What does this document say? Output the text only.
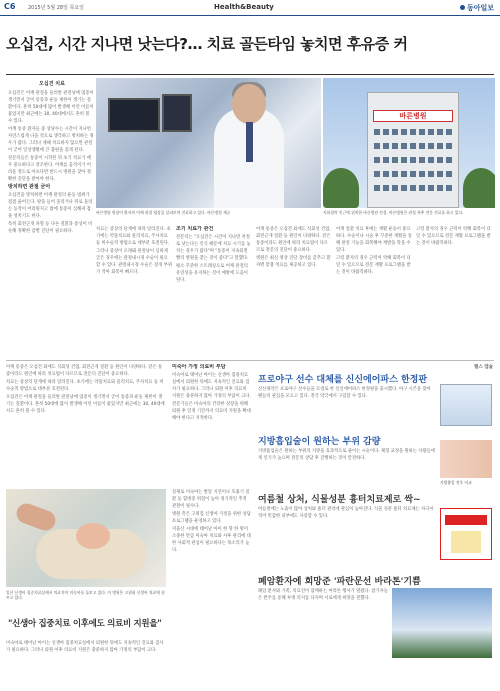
C6	2015년 5월 28일 목요일	Health&Beauty	동아일보
오십견, 시간 지나면 낫는다?… 치료 골든타임 놓치면 후유증 커
오십견 치료

오십견은 어깨 관절을 둘러싼 관절낭에 염증이 생기면서 굳어 통증과 운동 제한이 생기는 질환이다. 흔히 50대에 많이 발생해 이런 이름이 붙었지만 최근에는 30, 40대에서도 흔히 볼 수 있다.

어깨 통증 환자들 중 상당수는 시간이 지나면 자연스럽게 나을 것으로 생각하고 방치하는 경우가 많다. 그러나 제때 치료하지 않으면 관절이 굳어 일상생활에 큰 불편을 겪게 된다.

전문의들은 통증이 시작된 뒤 초기 치료가 매우 중요하다고 강조한다. 어깨를 움직이기 어려울 정도로 아프다면 반드시 병원을 찾아 정확한 진단을 받아야 한다.

방치하면 관절 굳어

오십견을 방치하면 어깨 관절의 운동 범위가 점점 줄어든다. 팔을 들어 올리거나 뒤로 돌리는 동작이 어려워지고 밤에 통증이 심해져 잠을 설치기도 한다.

특히 회전근개 파열 등 다른 질환과 증상이 비슷해 정확한 감별 진단이 필요하다.

바른병원
바른병원 원장이 환자의 어깨 관절 영상을 살펴보며 진료하고 있다. 바른병원 제공	지하철역 인근에 위치한 바른병원 전경. 바른병원은 관절 척추 전문 진료를 하고 있다.

치료는 증상의 단계에 따라 달라진다. 초기에는 약물치료와 물리치료, 주사치료 등 비수술적 방법으로 대부분 호전된다.

그러나 증상이 오래돼 관절낭이 심하게 굳은 경우에는 관절내시경 수술이 필요할 수 있다. 관절내시경 수술은 절개 부위가 작아 회복이 빠르다.

조기 치료가 관건

전문의는 "오십견은 시간이 지나면 저절로 낫는다는 인식 때문에 치료 시기를 놓치는 경우가 많다"며 "통증이 지속되면 빨리 병원을 찾는 것이 좋다"고 말했다.

평소 꾸준한 스트레칭으로 어깨 관절의 유연성을 유지하는 것이 예방에 도움이 된다.

어깨 통증은 오십견 외에도 석회성 건염, 회전근개 질환 등 원인이 다양하다. 같은 통증이라도 원인에 따라 치료법이 다르므로 전문의 진단이 중요하다.

병원은 최신 영상 진단 장비를 갖추고 환자별 맞춤 치료를 제공하고 있다.

어깨 질환 치료 후에는 재활 운동이 중요하다. 수술이나 시술 후 꾸준한 재활을 통해 관절 기능을 회복해야 재발을 막을 수 있다.

고령 환자의 경우 근력이 약해 회복이 더딜 수 있으므로 전문 재활 프로그램을 받는 것이 바람직하다.

고령 환자의 경우 근력이 약해 회복이 더딜 수 있으므로 전문 재활 프로그램을 받는 것이 바람직하다.

일산 신생아 집중치료실에서 의료진이 미숙아를 돌보고 있다. 이 병원은 고위험 신생아 치료에 힘쓰고 있다.
"신생아 집중치료 이후에도 의료비 지원을"

미숙아 가정 의료비 부담

미숙아로 태어난 아이는 신생아 집중치료실에서 퇴원한 뒤에도 지속적인 진료와 검사가 필요하다. 그러나 퇴원 이후 의료비 지원은 충분하지 않아 가정의 부담이 크다.

전문가들은 미숙아의 건강한 성장을 위해 퇴원 후 일정 기간까지 의료비 지원을 확대해야 한다고 지적한다.

어깨 통증은 오십견 외에도 석회성 건염, 회전근개 질환 등 원인이 다양하다. 같은 통증이라도 원인에 따라 치료법이 다르므로 전문의 진단이 중요하다.

치료는 증상의 단계에 따라 달라진다. 초기에는 약물치료와 물리치료, 주사치료 등 비수술적 방법으로 대부분 호전된다.

오십견은 어깨 관절을 둘러싼 관절낭에 염증이 생기면서 굳어 통증과 운동 제한이 생기는 질환이다. 흔히 50대에 많이 발생해 이런 이름이 붙었지만 최근에는 30, 40대에서도 흔히 볼 수 있다.

실제로 미숙아는 발달 지연이나 호흡기 질환 등 합병증 위험이 높아 정기적인 추적 관찰이 필수다.

병원 측은 고위험 신생아 가정을 위한 상담 프로그램을 운영하고 있다.

저출산 시대에 태어난 아이 한 명 한 명이 소중한 만큼 미숙아 치료와 사후 관리에 대한 사회적 관심이 필요하다는 목소리가 높다.

미숙아로 태어난 아이는 신생아 집중치료실에서 퇴원한 뒤에도 지속적인 진료와 검사가 필요하다. 그러나 퇴원 이후 의료비 지원은 충분하지 않아 가정의 부담이 크다.

헬스 캡슐
프로야구 선수 대체를 신신에어파스 한정판
신신제약은 프로야구 선수들을 모델로 한 신신에어파스 한정판을 출시했다. 야구 시즌을 맞아 팬들의 관심을 모으고 있다. 전국 약국에서 구입할 수 있다.
지방흡입술이 원하는 부위 감량
지방흡입술은 원하는 부위의 지방을 효과적으로 줄이는 시술이다. 체형 교정을 원하는 사람들에게 인기가 높으며 전문의 상담 후 진행하는 것이 안전하다.
지방흡입 전후 비교
여름철 상처, 식물성분 흉터치료제로 싹~
여름철에는 노출이 많아 상처와 흉터 관리에 관심이 높아진다. 식물 성분 흉터 치료제는 자극이 적어 민감한 피부에도 사용할 수 있다.
폐암환자에 희망준 '파란문선 바라톤'기쁨
폐암 환자와 가족, 의료진이 함께하는 마라톤 행사가 열렸다. 참가자들은 완주를 통해 투병 의지를 다지며 서로에게 희망을 전했다.
